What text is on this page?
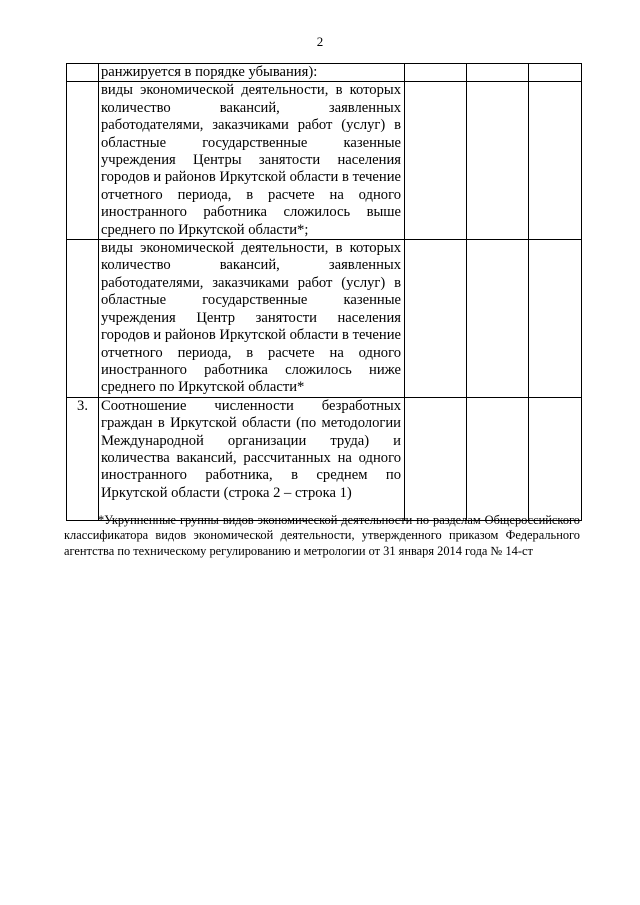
2

	ранжируется в порядке убывания):			

	виды экономической деятельности, в которых количество вакансий, заявленных работодателями, заказчиками работ (услуг) в областные государственные казенные учреждения Центры занятости населения городов и районов Иркутской области в течение отчетного периода, в расчете на одного иностранного работника сложилось выше среднего по Иркутской области*;			

	виды экономической деятельности, в которых количество вакансий, заявленных работодателями, заказчиками работ (услуг) в областные государственные казенные учреждения Центр занятости населения городов и районов Иркутской области в течение отчетного периода, в расчете на одного иностранного работника сложилось ниже среднего по Иркутской области*			

3.	Соотношение численности безработных граждан в Иркутской области (по методологии Международной организации труда) и количества вакансий, рассчитанных на одного иностранного работника, в среднем по Иркутской области (строка 2 – строка 1)			

*Укрупненные группы видов экономической деятельности по разделам Общероссийского классификатора видов экономической деятельности, утвержденного приказом Федерального агентства по техническому регулированию и метрологии от 31 января 2014 года № 14-ст
